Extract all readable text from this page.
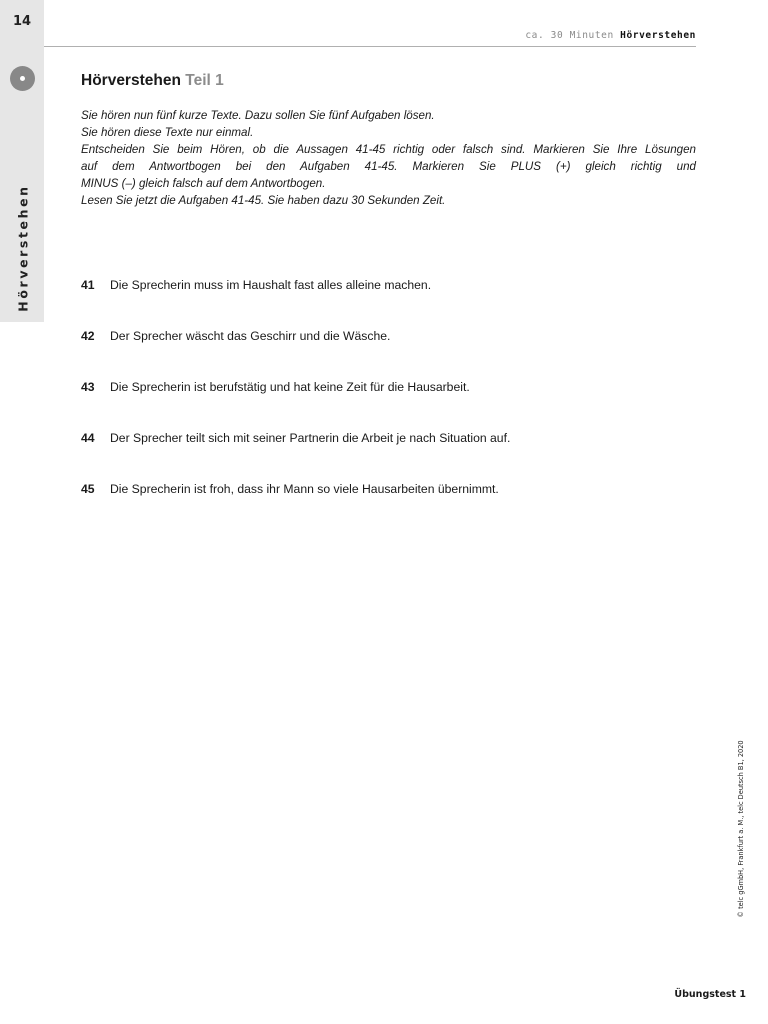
14
Hörverstehen
ca. 30 Minuten Hörverstehen
Hörverstehen Teil 1
Sie hören nun fünf kurze Texte. Dazu sollen Sie fünf Aufgaben lösen.
Sie hören diese Texte nur einmal.
Entscheiden Sie beim Hören, ob die Aussagen 41-45 richtig oder falsch sind. Markieren Sie Ihre Lösungen
auf dem Antwortbogen bei den Aufgaben 41-45. Markieren Sie PLUS (+) gleich richtig und
MINUS (–) gleich falsch auf dem Antwortbogen.
Lesen Sie jetzt die Aufgaben 41-45. Sie haben dazu 30 Sekunden Zeit.
41 Die Sprecherin muss im Haushalt fast alles alleine machen.
42 Der Sprecher wäscht das Geschirr und die Wäsche.
43 Die Sprecherin ist berufstätig und hat keine Zeit für die Hausarbeit.
44 Der Sprecher teilt sich mit seiner Partnerin die Arbeit je nach Situation auf.
45 Die Sprecherin ist froh, dass ihr Mann so viele Hausarbeiten übernimmt.
© telc gGmbH, Frankfurt a. M., telc Deutsch B1, 2020
Übungstest 1
